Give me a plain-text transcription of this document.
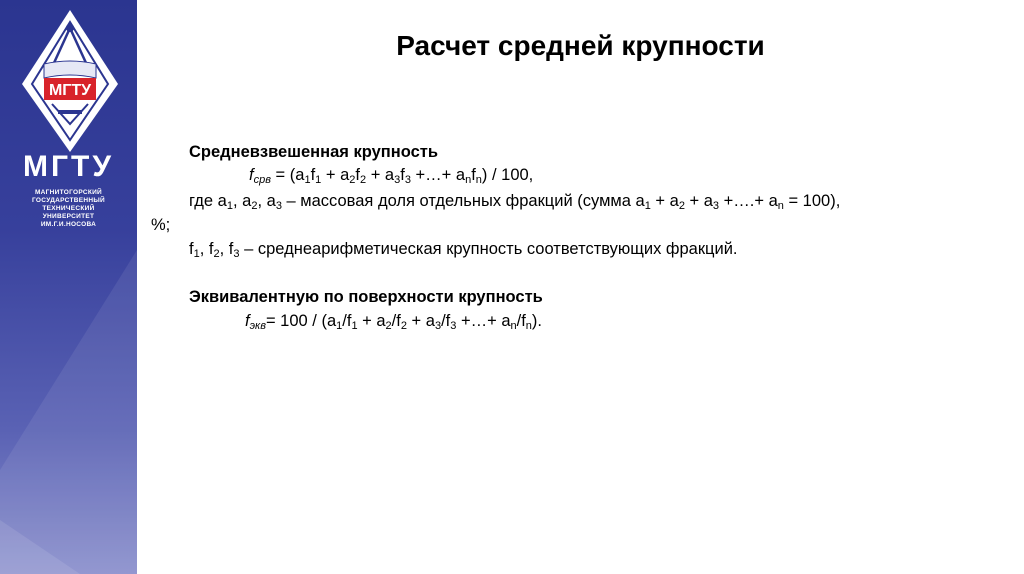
МГТУ
МГТУ
МАГНИТОГОРСКИЙ
ГОСУДАРСТВЕННЫЙ
ТЕХНИЧЕСКИЙ
УНИВЕРСИТЕТ
ИМ.Г.И.НОСОВА
Расчет средней крупности
Средневзвешенная крупность
$f_{срв} = (а_1f_1 + а_2f_2 + а_3f_3$ +…+ $а_nf_n) / 100$,
где $а_1$, $а_2$, $а_3$ – массовая доля отдельных фракций (сумма $а_1 + а_2 + а_3$ +….+ $а_n = 100$),
%;
$f_1$, $f_2$, $f_3$ – среднеарифметическая крупность соответствующих фракций.
Эквивалентную по поверхности крупность
$f_{экв}= 100 / (а_1/f_1 + а_2/f_2 + а_3/f_3$ +…+ $а_n/f_n$).
